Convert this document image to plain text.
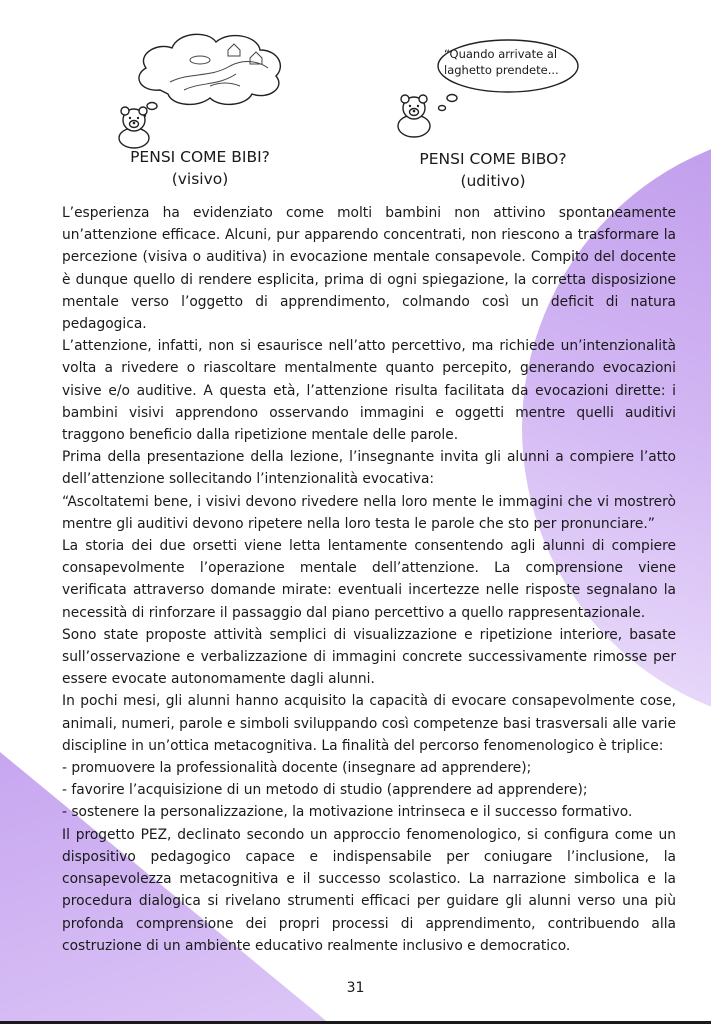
“Quando arrivate al laghetto prendete...
PENSI COME BIBI?
(visivo)
PENSI COME BIBO?
(uditivo)

L’esperienza ha evidenziato come molti bambini non attivino spontaneamente un’attenzione efficace. Alcuni, pur apparendo concentrati, non riescono a trasformare la percezione (visiva o auditiva) in evocazione mentale consapevole. Compito del docente è dunque quello di rendere esplicita, prima di ogni spiegazione, la corretta disposizione mentale verso l’oggetto di apprendimento, colmando così un deficit di natura pedagogica.

L’attenzione, infatti, non si esaurisce nell’atto percettivo, ma richiede un’intenzionalità volta a rivedere o riascoltare mentalmente quanto percepito, generando evocazioni visive e/o auditive. A questa età, l’attenzione risulta facilitata da evocazioni dirette: i bambini visivi apprendono osservando immagini e oggetti mentre quelli auditivi traggono beneficio dalla ripetizione mentale delle parole.

Prima della presentazione della lezione, l’insegnante invita gli alunni a compiere l’atto dell’attenzione sollecitando l’intenzionalità evocativa:

“Ascoltatemi bene, i visivi devono rivedere nella loro mente le immagini che vi mostrerò mentre gli auditivi devono ripetere nella loro testa le parole che sto per pronunciare.”

La storia dei due orsetti viene letta lentamente consentendo agli alunni di compiere consapevolmente l’operazione mentale dell’attenzione. La comprensione viene verificata attraverso domande mirate: eventuali incertezze nelle risposte segnalano la necessità di rinforzare il passaggio dal piano percettivo a quello rappresentazionale.

Sono state proposte attività semplici di visualizzazione e ripetizione interiore, basate sull’osservazione e verbalizzazione di immagini concrete successivamente rimosse per essere evocate autonomamente dagli alunni.

In pochi mesi, gli alunni hanno acquisito la capacità di evocare consapevolmente cose, animali, numeri, parole e simboli sviluppando così competenze basi trasversali alle varie discipline in un’ottica metacognitiva. La finalità del percorso fenomenologico è triplice:

- promuovere la professionalità docente (insegnare ad apprendere);

- favorire l’acquisizione di un metodo di studio (apprendere ad apprendere);

- sostenere la personalizzazione, la motivazione intrinseca e il successo formativo.

Il progetto PEZ, declinato secondo un approccio fenomenologico, si configura come un dispositivo pedagogico capace e indispensabile per coniugare l’inclusione, la consapevolezza metacognitiva e il successo scolastico. La narrazione simbolica e la procedura dialogica si rivelano strumenti efficaci per guidare gli alunni verso una più profonda comprensione dei propri processi di apprendimento, contribuendo alla costruzione di un ambiente educativo realmente inclusivo e democratico.

31
